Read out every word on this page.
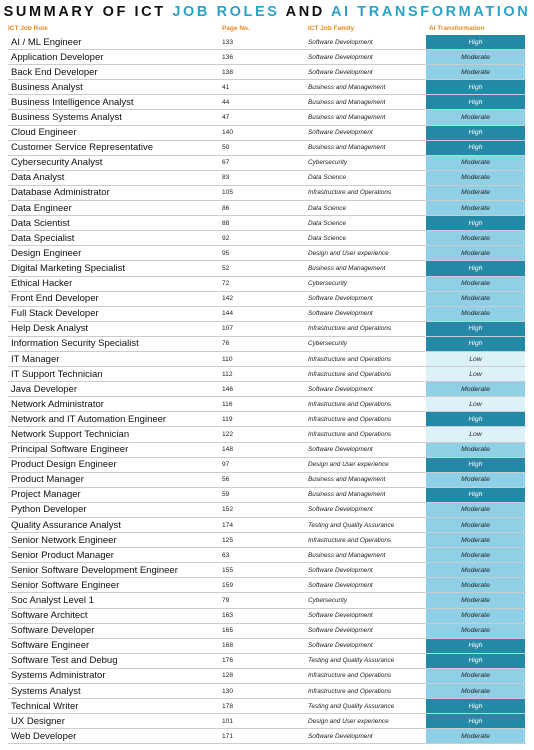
SUMMARY OF ICT JOB ROLES AND AI TRANSFORMATION
ICT Job Role	Page No.	ICT Job Family	AI Transformation
AI / ML Engineer	133	Software Development	High
Application Developer	136	Software Development	Moderate
Back End Developer	138	Software Development	Moderate
Business Analyst	41	Business and Management	High
Business Intelligence Analyst	44	Business and Management	High
Business Systems Analyst	47	Business and Management	Moderate
Cloud Engineer	140	Software Development	High
Customer Service Representative	50	Business and Management	High
Cybersecurity Analyst	67	Cybersecurity	Moderate
Data Analyst	83	Data Science	Moderate
Database Administrator	105	Infrastructure and Operations	Moderate
Data Engineer	86	Data Science	Moderate
Data Scientist	88	Data Science	High
Data Specialist	92	Data Science	Moderate
Design Engineer	95	Design and User experience	Moderate
Digital Marketing Specialist	52	Business and Management	High
Ethical Hacker	72	Cybersecurity	Moderate
Front End Developer	142	Software Development	Moderate
Full Stack Developer	144	Software Development	Moderate
Help Desk Analyst	107	Infrastructure and Operations	High
Information Security Specialist	76	Cybersecurity	High
IT Manager	110	Infrastructure and Operations	Low
IT Support Technician	112	Infrastructure and Operations	Low
Java Developer	146	Software Development	Moderate
Network Administrator	116	Infrastructure and Operations	Low
Network and IT Automation Engineer	119	Infrastructure and Operations	High
Network Support Technician	122	Infrastructure and Operations	Low
Principal Software Engineer	148	Software Development	Moderate
Product Design Engineer	97	Design and User experience	High
Product Manager	56	Business and Management	Moderate
Project Manager	59	Business and Management	High
Python Developer	152	Software Development	Moderate
Quality Assurance Analyst	174	Testing and Quality Assurance	Moderate
Senior Network Engineer	125	Infrastructure and Operations	Moderate
Senior Product Manager	63	Business and Management	Moderate
Senior Software Development Engineer	155	Software Development	Moderate
Senior Software Engineer	159	Software Development	Moderate
Soc Analyst Level 1	79	Cybersecurity	Moderate
Software Architect	163	Software Development	Moderate
Software Developer	165	Software Development	Moderate
Software Engineer	168	Software Development	High
Software Test and Debug	176	Testing and Quality Assurance	High
Systems Administrator	128	Infrastructure and Operations	Moderate
Systems Analyst	130	Infrastructure and Operations	Moderate
Technical Writer	178	Testing and Quality Assurance	High
UX Designer	101	Design and User experience	High
Web Developer	171	Software Development	Moderate
